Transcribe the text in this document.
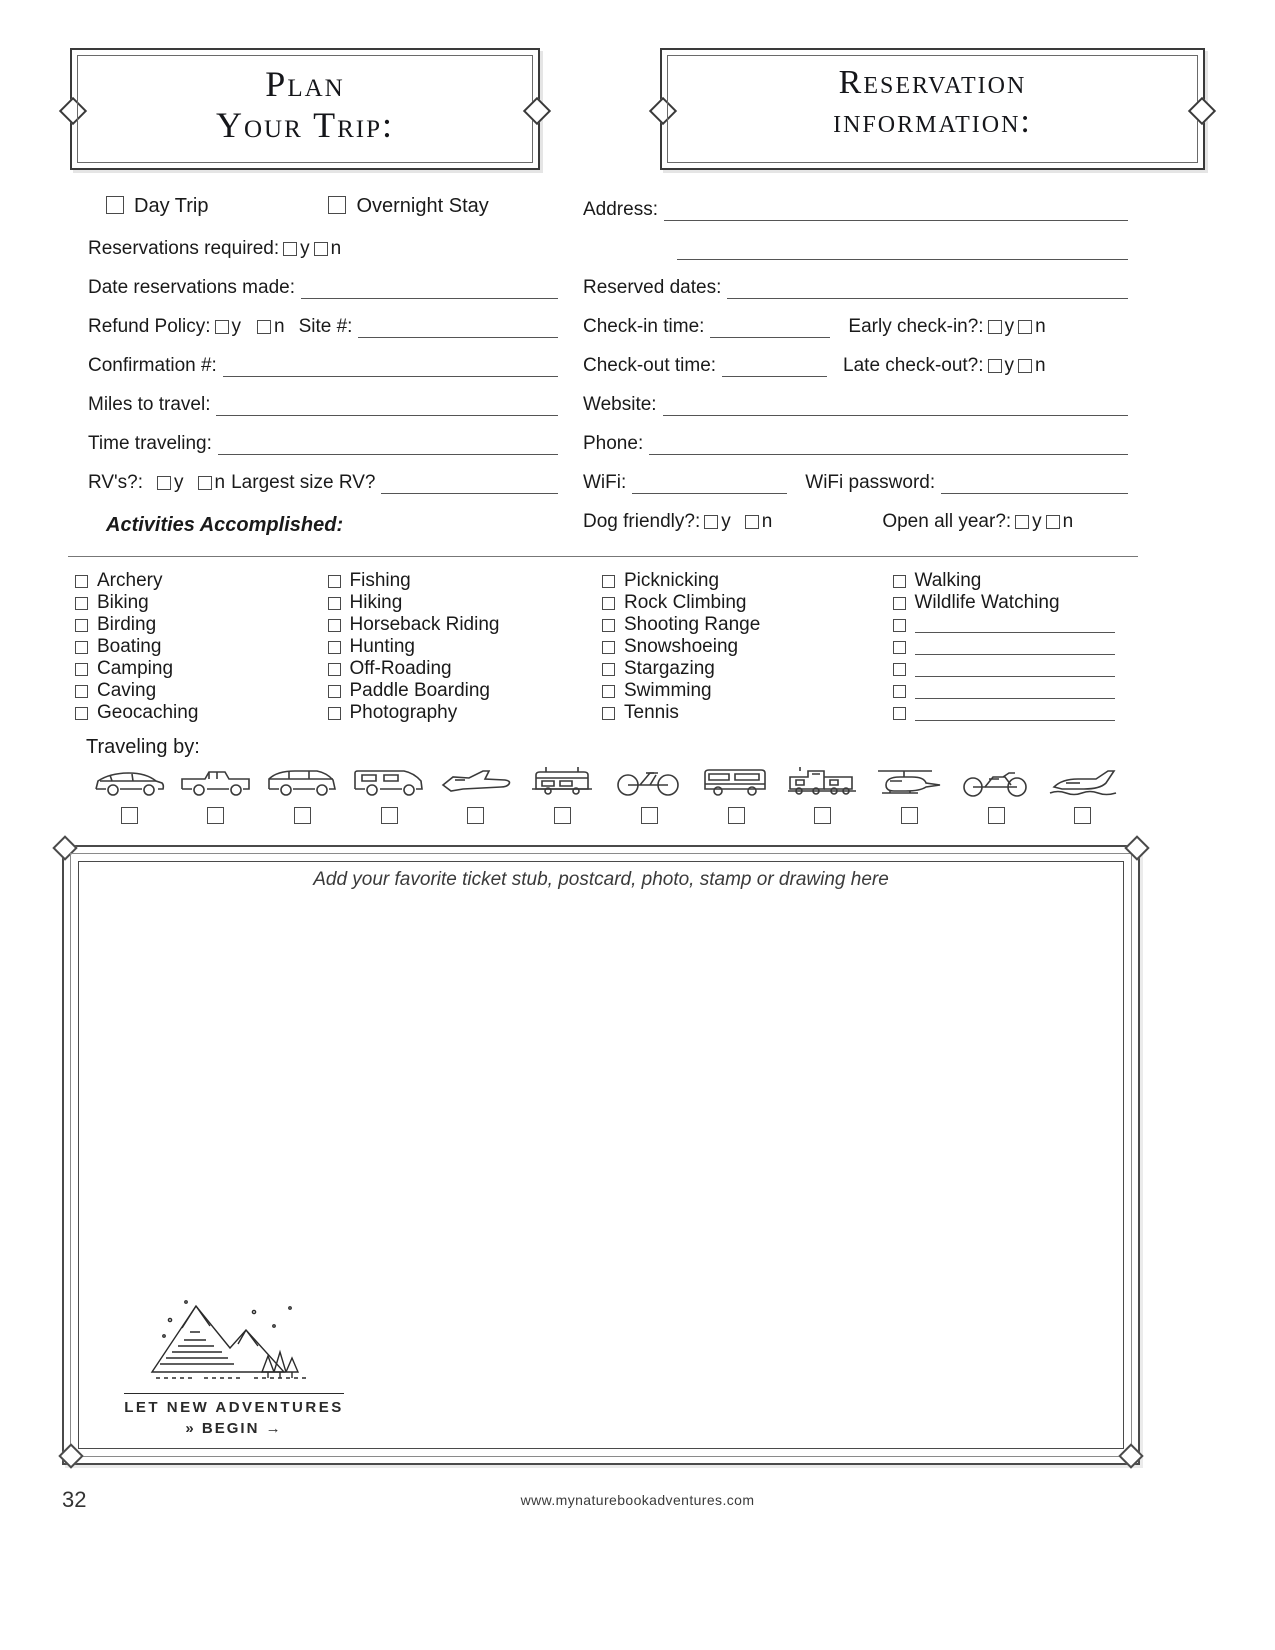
Plan
Your Trip:
Reservation
information:
Day Trip	Overnight Stay
Reservations required: y n
Date reservations made:
Refund Policy: y n Site #:
Confirmation #:
Miles to travel:
Time traveling:
RV's?: y n Largest size RV?
Activities Accomplished:
Address:
Reserved dates:
Check-in time:	Early check-in?: y n
Check-out time:	Late check-out?: y n
Website:
Phone:
WiFi:	WiFi password:
Dog friendly?: y n	Open all year?: y n
Archery
Biking
Birding
Boating
Camping
Caving
Geocaching
Fishing
Hiking
Horseback Riding
Hunting
Off-Roading
Paddle Boarding
Photography
Picknicking
Rock Climbing
Shooting Range
Snowshoeing
Stargazing
Swimming
Tennis
Walking
Wildlife Watching
Traveling by:
Add your favorite ticket stub, postcard, photo, stamp or drawing here
LET NEW ADVENTURES
» BEGIN →
32	www.mynaturebookadventures.com
